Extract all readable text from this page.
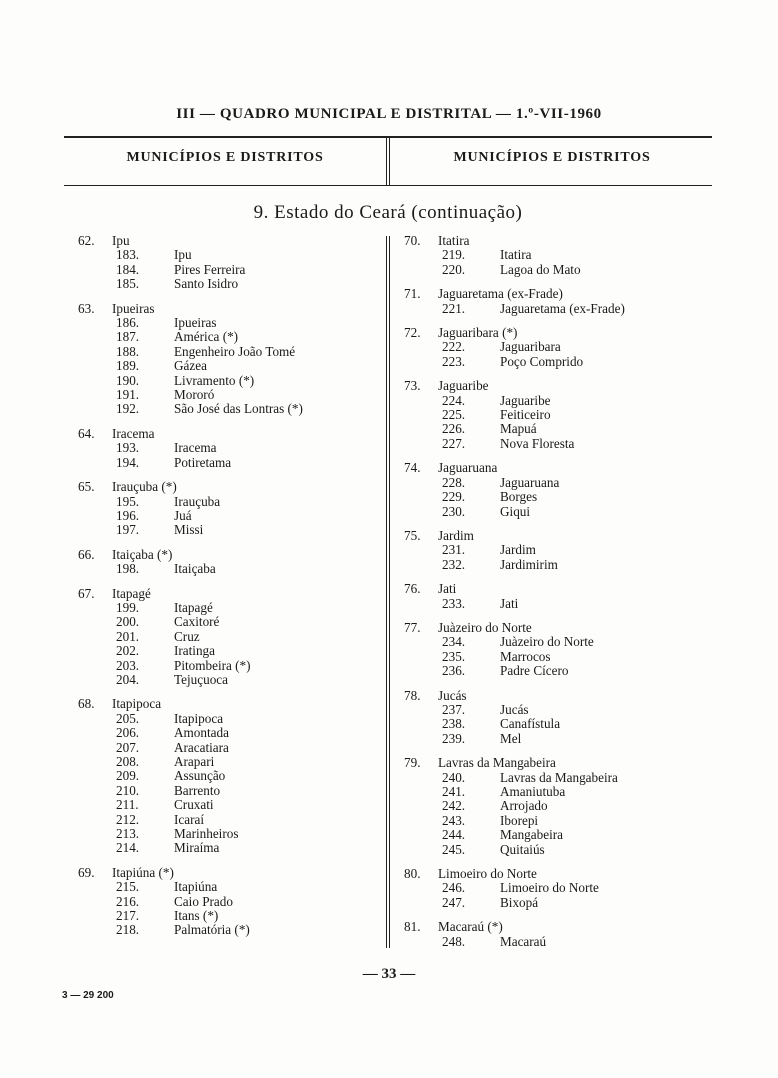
III — QUADRO MUNICIPAL E DISTRITAL — 1.º-VII-1960
MUNICÍPIOS E DISTRITOS	MUNICÍPIOS E DISTRITOS
9. Estado do Ceará (continuação)
62.	Ipu
183.	Ipu
184.	Pires Ferreira
185.	Santo Isidro
63.	Ipueiras
186.	Ipueiras
187.	América (*)
188.	Engenheiro João Tomé
189.	Gázea
190.	Livramento (*)
191.	Mororó
192.	São José das Lontras (*)
64.	Iracema
193.	Iracema
194.	Potiretama
65.	Irauçuba (*)
195.	Irauçuba
196.	Juá
197.	Missi
66.	Itaiçaba (*)
198.	Itaiçaba
67.	Itapagé
199.	Itapagé
200.	Caxitoré
201.	Cruz
202.	Iratinga
203.	Pitombeira (*)
204.	Tejuçuoca
68.	Itapipoca
205.	Itapipoca
206.	Amontada
207.	Aracatiara
208.	Arapari
209.	Assunção
210.	Barrento
211.	Cruxati
212.	Icaraí
213.	Marinheiros
214.	Miraíma
69.	Itapiúna (*)
215.	Itapiúna
216.	Caio Prado
217.	Itans (*)
218.	Palmatória (*)
70.	Itatira
219.	Itatira
220.	Lagoa do Mato
71.	Jaguaretama (ex-Frade)
221.	Jaguaretama (ex-Frade)
72.	Jaguaribara (*)
222.	Jaguaribara
223.	Poço Comprido
73.	Jaguaribe
224.	Jaguaribe
225.	Feiticeiro
226.	Mapuá
227.	Nova Floresta
74.	Jaguaruana
228.	Jaguaruana
229.	Borges
230.	Giqui
75.	Jardim
231.	Jardim
232.	Jardimirim
76.	Jati
233.	Jati
77.	Juàzeiro do Norte
234.	Juàzeiro do Norte
235.	Marrocos
236.	Padre Cícero
78.	Jucás
237.	Jucás
238.	Canafístula
239.	Mel
79.	Lavras da Mangabeira
240.	Lavras da Mangabeira
241.	Amaniutuba
242.	Arrojado
243.	Iborepi
244.	Mangabeira
245.	Quitaiús
80.	Limoeiro do Norte
246.	Limoeiro do Norte
247.	Bixopá
81.	Macaraú (*)
248.	Macaraú
— 33 —
3 — 29 200
